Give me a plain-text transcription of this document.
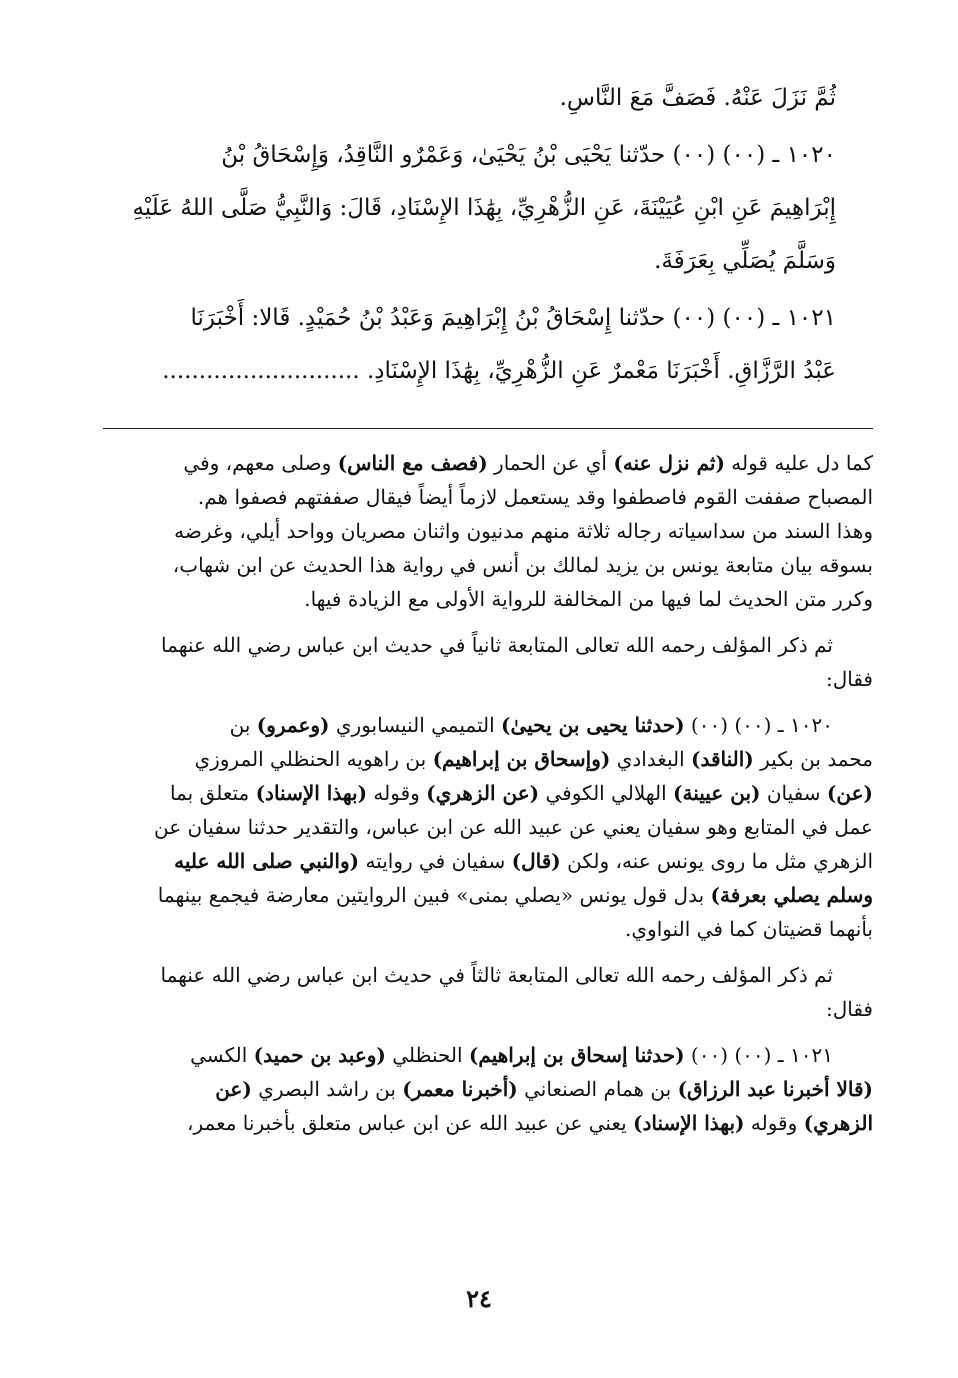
ثُمَّ نَزَلَ عَنْهُ. فَصَفَّ مَعَ النَّاسِ.
١٠٢٠ ـ (٠٠) (٠٠) حدّثنا يَحْيَى بْنُ يَحْيَىٰ، وَعَمْرٌو النَّاقِدُ، وَإِسْحَاقُ بْنُ
إِبْرَاهِيمَ عَنِ ابْنِ عُيَيْنَةَ، عَنِ الزُّهْرِيِّ، بِهَٰذَا الإِسْنَادِ، قَالَ: وَالنَّبِيُّ صَلَّى اللهُ عَلَيْهِ
وَسَلَّمَ يُصَلِّي بِعَرَفَةَ.
١٠٢١ ـ (٠٠) (٠٠) حدّثنا إِسْحَاقُ بْنُ إِبْرَاهِيمَ وَعَبْدُ بْنُ حُمَيْدٍ. قَالا: أَخْبَرَنَا
عَبْدُ الرَّزَّاقِ. أَخْبَرَنَا مَعْمرٌ عَنِ الزُّهْرِيِّ، بِهَٰذَا الإِسْنَادِ. ...........................
كما دل عليه قوله (ثم نزل عنه) أي عن الحمار (فصف مع الناس) وصلى معهم، وفي
المصباح صففت القوم فاصطفوا وقد يستعمل لازماً أيضاً فيقال صففتهم فصفوا هم.
وهذا السند من سداسياته رجاله ثلاثة منهم مدنيون واثنان مصريان وواحد أيلي، وغرضه
بسوقه بيان متابعة يونس بن يزيد لمالك بن أنس في رواية هذا الحديث عن ابن شهاب،
وكرر متن الحديث لما فيها من المخالفة للرواية الأولى مع الزيادة فيها.
ثم ذكر المؤلف رحمه الله تعالى المتابعة ثانياً في حديث ابن عباس رضي الله عنهما
فقال:
١٠٢٠ ـ (٠٠) (٠٠) (حدثنا يحيى بن يحيىٰ) التميمي النيسابوري (وعمرو) بن
محمد بن بكير (الناقد) البغدادي (وإسحاق بن إبراهيم) بن راهويه الحنظلي المروزي
(عن) سفيان (بن عيينة) الهلالي الكوفي (عن الزهري) وقوله (بهذا الإسناد) متعلق بما
عمل في المتابع وهو سفيان يعني عن عبيد الله عن ابن عباس، والتقدير حدثنا سفيان عن
الزهري مثل ما روى يونس عنه، ولكن (قال) سفيان في روايته (والنبي صلى الله عليه
وسلم يصلي بعرفة) بدل قول يونس «يصلي بمنى» فبين الروايتين معارضة فيجمع بينهما
بأنهما قضيتان كما في النواوي.
ثم ذكر المؤلف رحمه الله تعالى المتابعة ثالثاً في حديث ابن عباس رضي الله عنهما
فقال:
١٠٢١ ـ (٠٠) (٠٠) (حدثنا إسحاق بن إبراهيم) الحنظلي (وعبد بن حميد) الكسي
(قالا أخبرنا عبد الرزاق) بن همام الصنعاني (أخبرنا معمر) بن راشد البصري (عن
الزهري) وقوله (بهذا الإسناد) يعني عن عبيد الله عن ابن عباس متعلق بأخبرنا معمر،
٢٤
